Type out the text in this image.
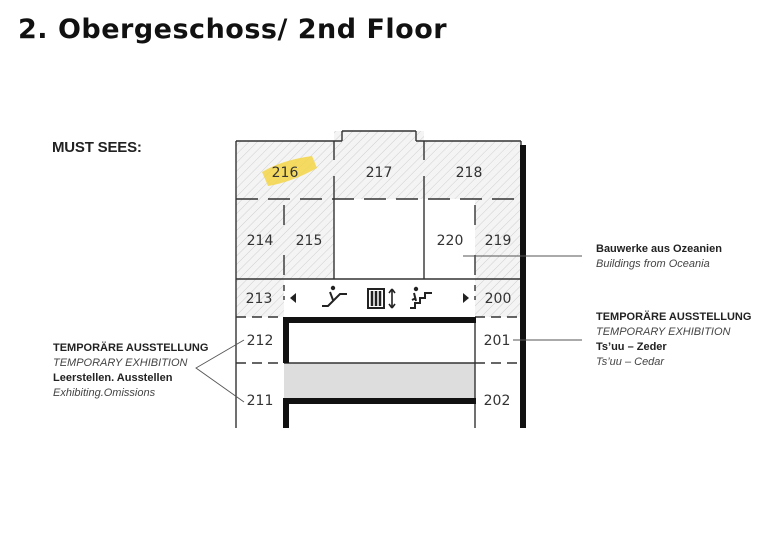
2. Obergeschoss/ 2nd Floor
MUST SEES:
216	217	218
214 215	220 219
213	200
212	201
211	202
Bauwerke aus Ozeanien
Buildings from Oceania
TEMPORÄRE AUSSTELLUNG
TEMPORARY EXHIBITION
Ts’uu – Zeder
Ts’uu – Cedar
TEMPORÄRE AUSSTELLUNG
TEMPORARY EXHIBITION
Leerstellen. Ausstellen
Exhibiting.Omissions
